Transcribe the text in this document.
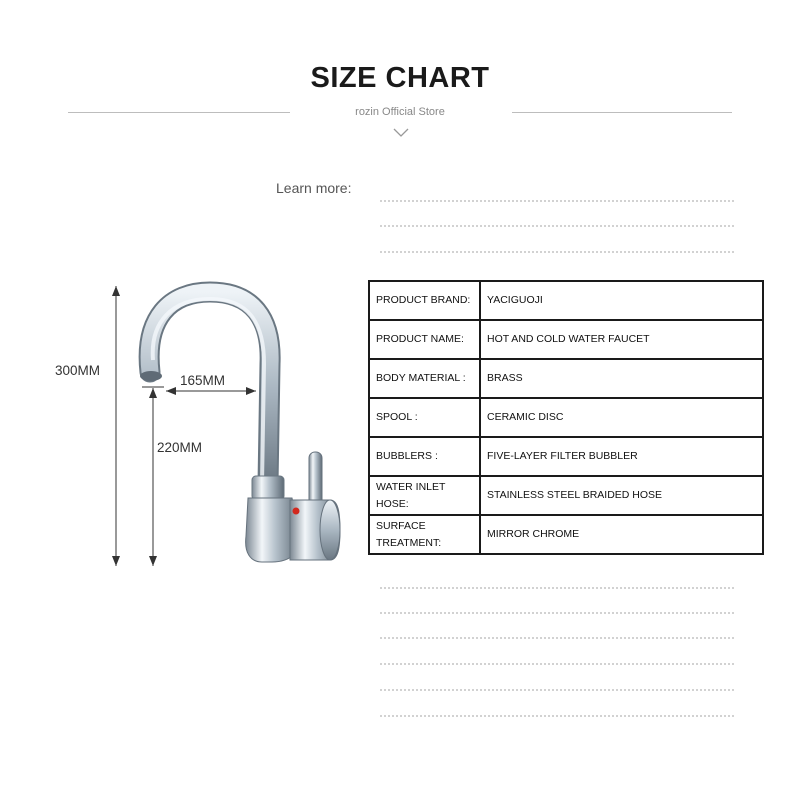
SIZE CHART
rozin Official Store
Learn more:
300MM
165MM
220MM
PRODUCT BRAND:	YACIGUOJI
PRODUCT NAME:	HOT AND COLD WATER FAUCET
BODY MATERIAL :	BRASS
SPOOL :	CERAMIC DISC
BUBBLERS :	FIVE-LAYER FILTER BUBBLER
WATER INLET HOSE:	STAINLESS STEEL BRAIDED HOSE
SURFACE TREATMENT:	MIRROR CHROME
